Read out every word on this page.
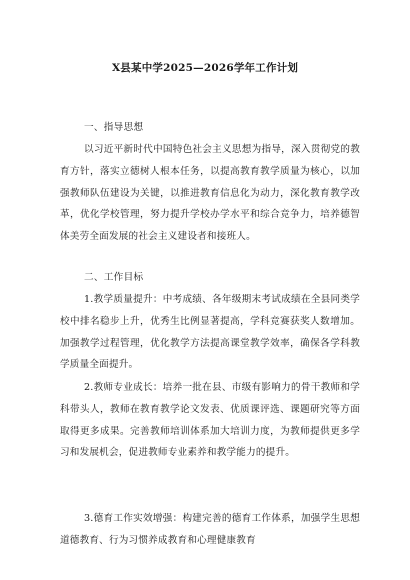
X县某中学2025—2026学年工作计划
一、指导思想
以习近平新时代中国特色社会主义思想为指导，深入贯彻党的教育方针，落实立德树人根本任务，以提高教育教学质量为核心，以加强教师队伍建设为关键，以推进教育信息化为动力，深化教育教学改革，优化学校管理，努力提升学校办学水平和综合竞争力，培养德智体美劳全面发展的社会主义建设者和接班人。
二、工作目标
1.教学质量提升：中考成绩、各年级期末考试成绩在全县同类学校中排名稳步上升，优秀生比例显著提高，学科竞赛获奖人数增加。加强教学过程管理，优化教学方法提高课堂教学效率，确保各学科教学质量全面提升。
2.教师专业成长：培养一批在县、市级有影响力的骨干教师和学科带头人，教师在教育教学论文发表、优质课评选、课题研究等方面取得更多成果。完善教师培训体系加大培训力度，为教师提供更多学习和发展机会，促进教师专业素养和教学能力的提升。
3.德育工作实效增强：构建完善的德育工作体系，加强学生思想道德教育、行为习惯养成教育和心理健康教育
